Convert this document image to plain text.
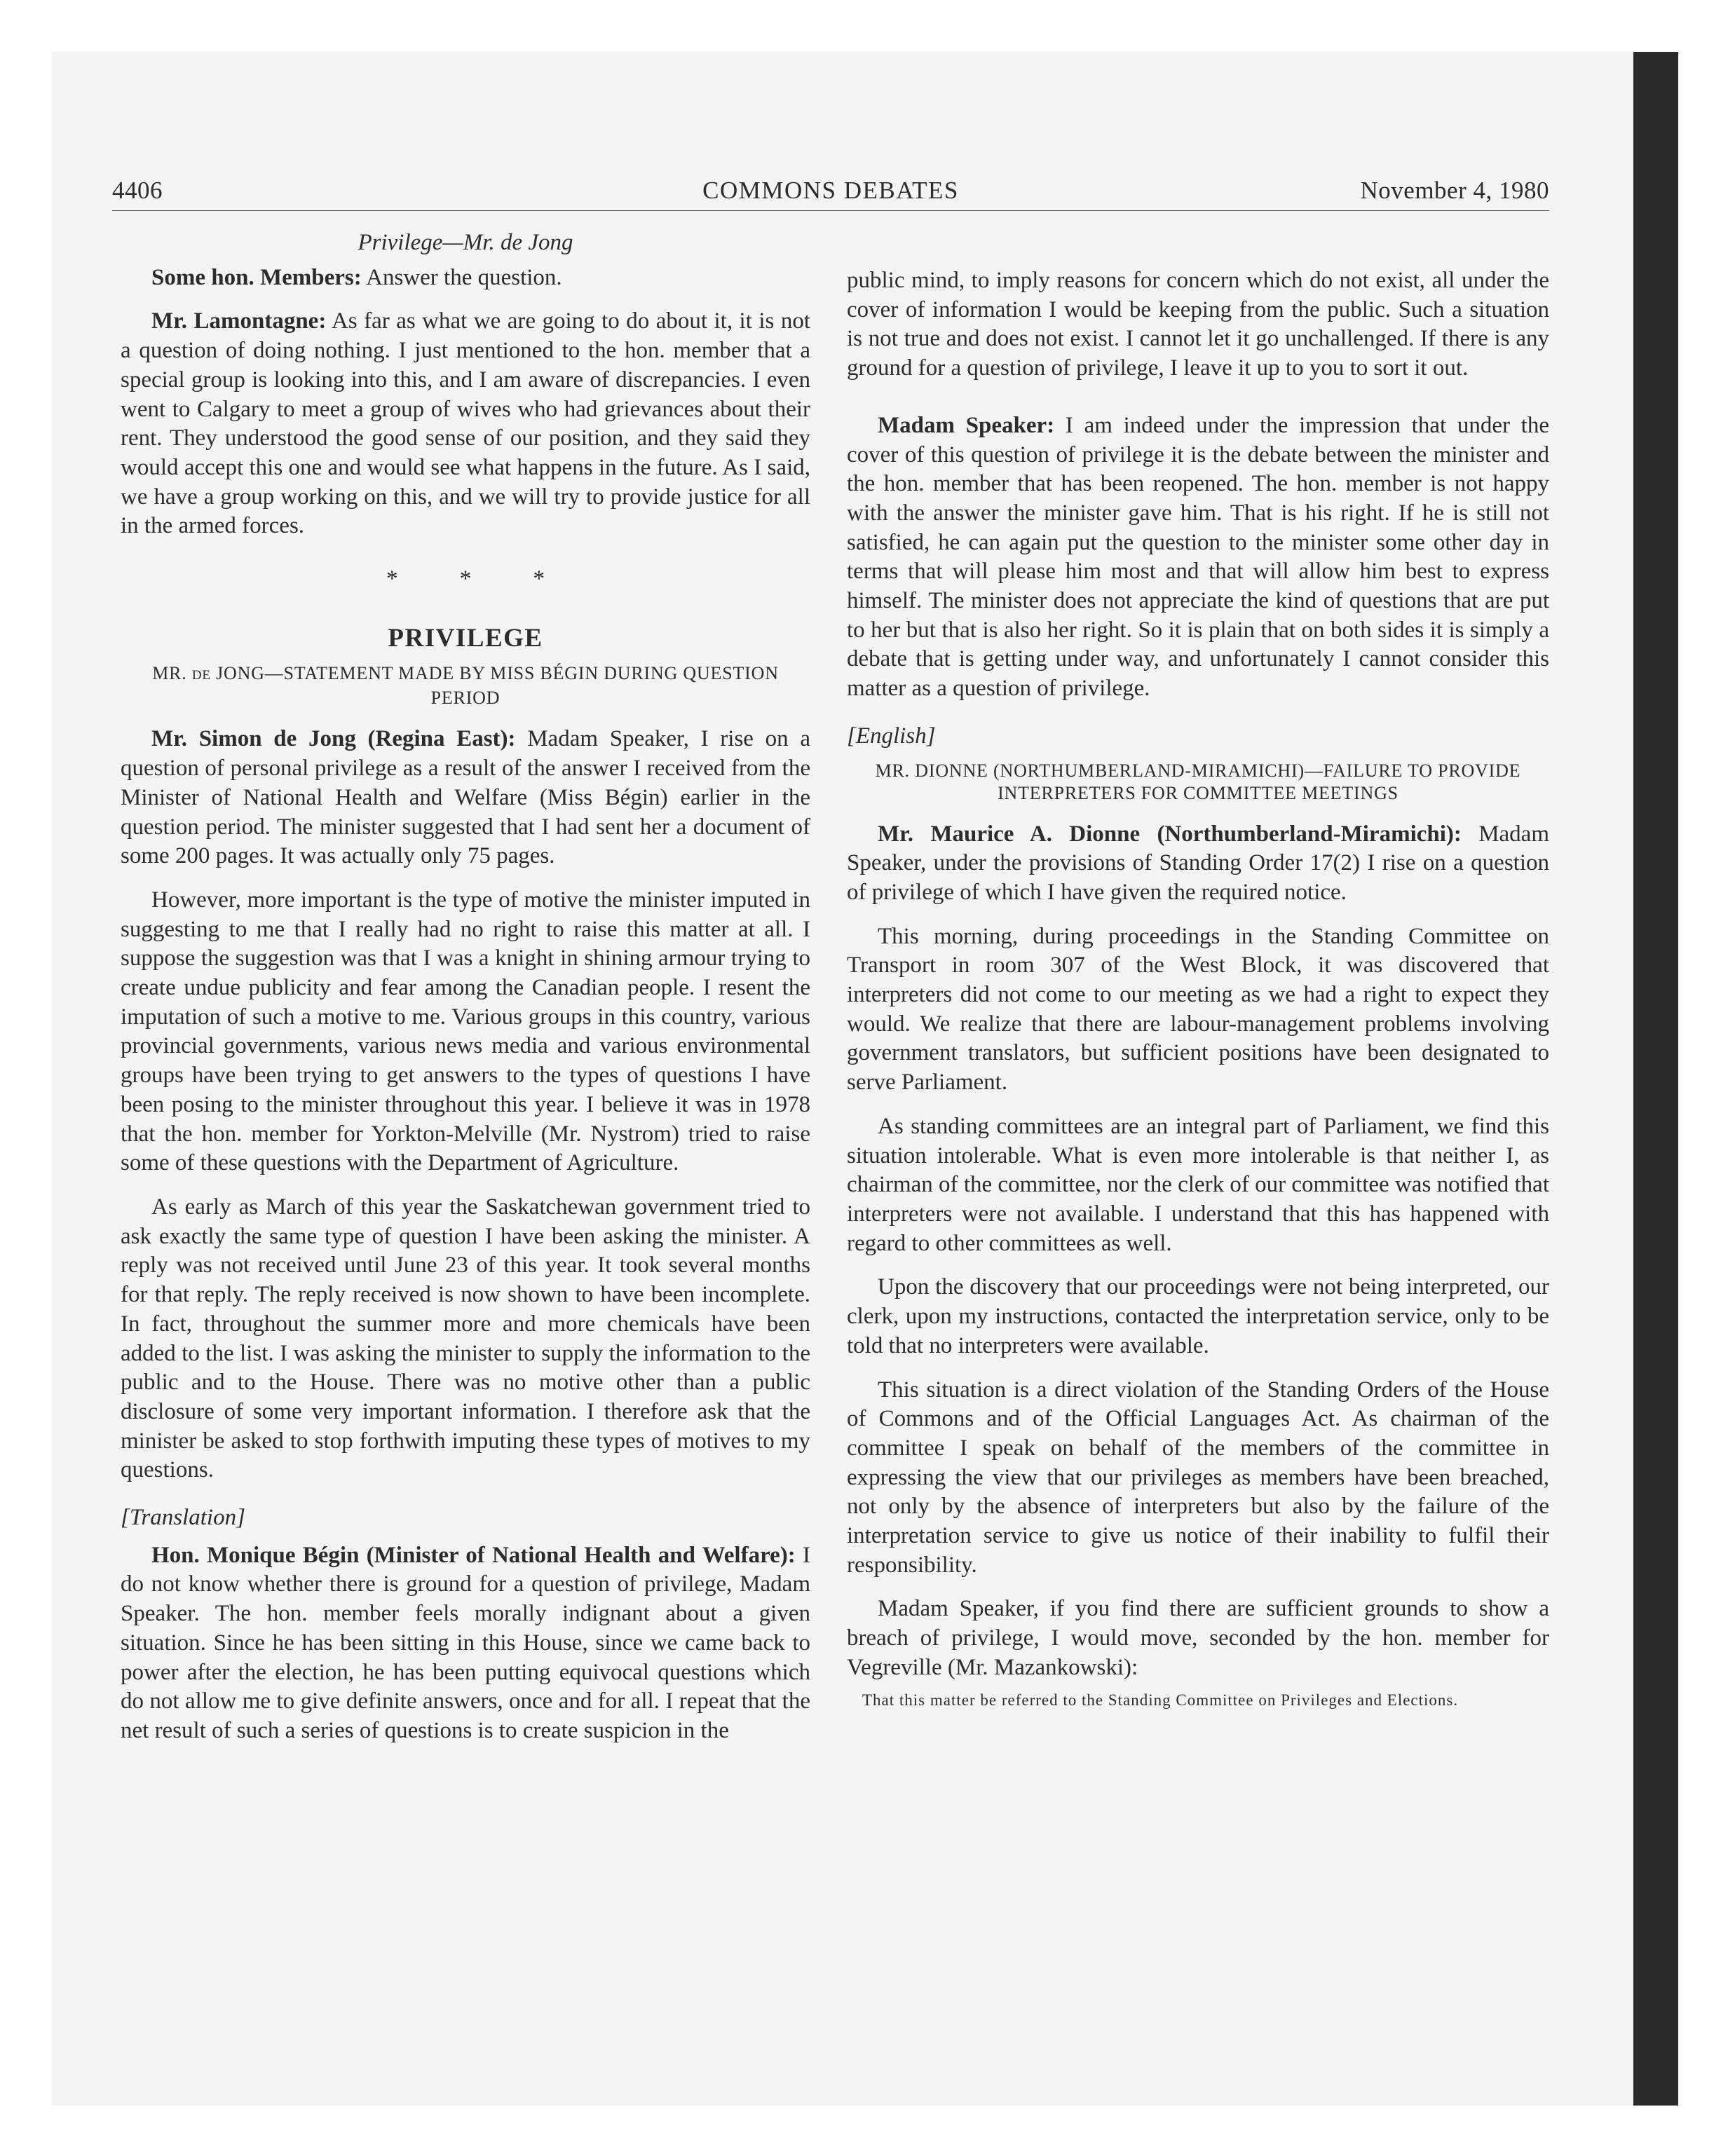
4406	COMMONS DEBATES	November 4, 1980
Privilege—Mr. de Jong

Some hon. Members: Answer the question.

Mr. Lamontagne: As far as what we are going to do about it, it is not a question of doing nothing. I just mentioned to the hon. member that a special group is looking into this, and I am aware of discrepancies. I even went to Calgary to meet a group of wives who had grievances about their rent. They understood the good sense of our position, and they said they would accept this one and would see what happens in the future. As I said, we have a group working on this, and we will try to provide justice for all in the armed forces.

* * *
PRIVILEGE
MR. DE JONG—STATEMENT MADE BY MISS BÉGIN DURING QUESTION PERIOD

Mr. Simon de Jong (Regina East): Madam Speaker, I rise on a question of personal privilege as a result of the answer I received from the Minister of National Health and Welfare (Miss Bégin) earlier in the question period. The minister suggested that I had sent her a document of some 200 pages. It was actually only 75 pages.

However, more important is the type of motive the minister imputed in suggesting to me that I really had no right to raise this matter at all. I suppose the suggestion was that I was a knight in shining armour trying to create undue publicity and fear among the Canadian people. I resent the imputation of such a motive to me. Various groups in this country, various provincial governments, various news media and various environmental groups have been trying to get answers to the types of questions I have been posing to the minister throughout this year. I believe it was in 1978 that the hon. member for Yorkton-Melville (Mr. Nystrom) tried to raise some of these questions with the Department of Agriculture.

As early as March of this year the Saskatchewan government tried to ask exactly the same type of question I have been asking the minister. A reply was not received until June 23 of this year. It took several months for that reply. The reply received is now shown to have been incomplete. In fact, throughout the summer more and more chemicals have been added to the list. I was asking the minister to supply the information to the public and to the House. There was no motive other than a public disclosure of some very important information. I therefore ask that the minister be asked to stop forthwith imputing these types of motives to my questions.

[Translation]

Hon. Monique Bégin (Minister of National Health and Welfare): I do not know whether there is ground for a question of privilege, Madam Speaker. The hon. member feels morally indignant about a given situation. Since he has been sitting in this House, since we came back to power after the election, he has been putting equivocal questions which do not allow me to give definite answers, once and for all. I repeat that the net result of such a series of questions is to create suspicion in the

public mind, to imply reasons for concern which do not exist, all under the cover of information I would be keeping from the public. Such a situation is not true and does not exist. I cannot let it go unchallenged. If there is any ground for a question of privilege, I leave it up to you to sort it out.

Madam Speaker: I am indeed under the impression that under the cover of this question of privilege it is the debate between the minister and the hon. member that has been reopened. The hon. member is not happy with the answer the minister gave him. That is his right. If he is still not satisfied, he can again put the question to the minister some other day in terms that will please him most and that will allow him best to express himself. The minister does not appreciate the kind of questions that are put to her but that is also her right. So it is plain that on both sides it is simply a debate that is getting under way, and unfortunately I cannot consider this matter as a question of privilege.

[English]

MR. DIONNE (NORTHUMBERLAND-MIRAMICHI)—FAILURE TO PROVIDE INTERPRETERS FOR COMMITTEE MEETINGS

Mr. Maurice A. Dionne (Northumberland-Miramichi): Madam Speaker, under the provisions of Standing Order 17(2) I rise on a question of privilege of which I have given the required notice.

This morning, during proceedings in the Standing Committee on Transport in room 307 of the West Block, it was discovered that interpreters did not come to our meeting as we had a right to expect they would. We realize that there are labour-management problems involving government translators, but sufficient positions have been designated to serve Parliament.

As standing committees are an integral part of Parliament, we find this situation intolerable. What is even more intolerable is that neither I, as chairman of the committee, nor the clerk of our committee was notified that interpreters were not available. I understand that this has happened with regard to other committees as well.

Upon the discovery that our proceedings were not being interpreted, our clerk, upon my instructions, contacted the interpretation service, only to be told that no interpreters were available.

This situation is a direct violation of the Standing Orders of the House of Commons and of the Official Languages Act. As chairman of the committee I speak on behalf of the members of the committee in expressing the view that our privileges as members have been breached, not only by the absence of interpreters but also by the failure of the interpretation service to give us notice of their inability to fulfil their responsibility.

Madam Speaker, if you find there are sufficient grounds to show a breach of privilege, I would move, seconded by the hon. member for Vegreville (Mr. Mazankowski):

That this matter be referred to the Standing Committee on Privileges and Elections.
